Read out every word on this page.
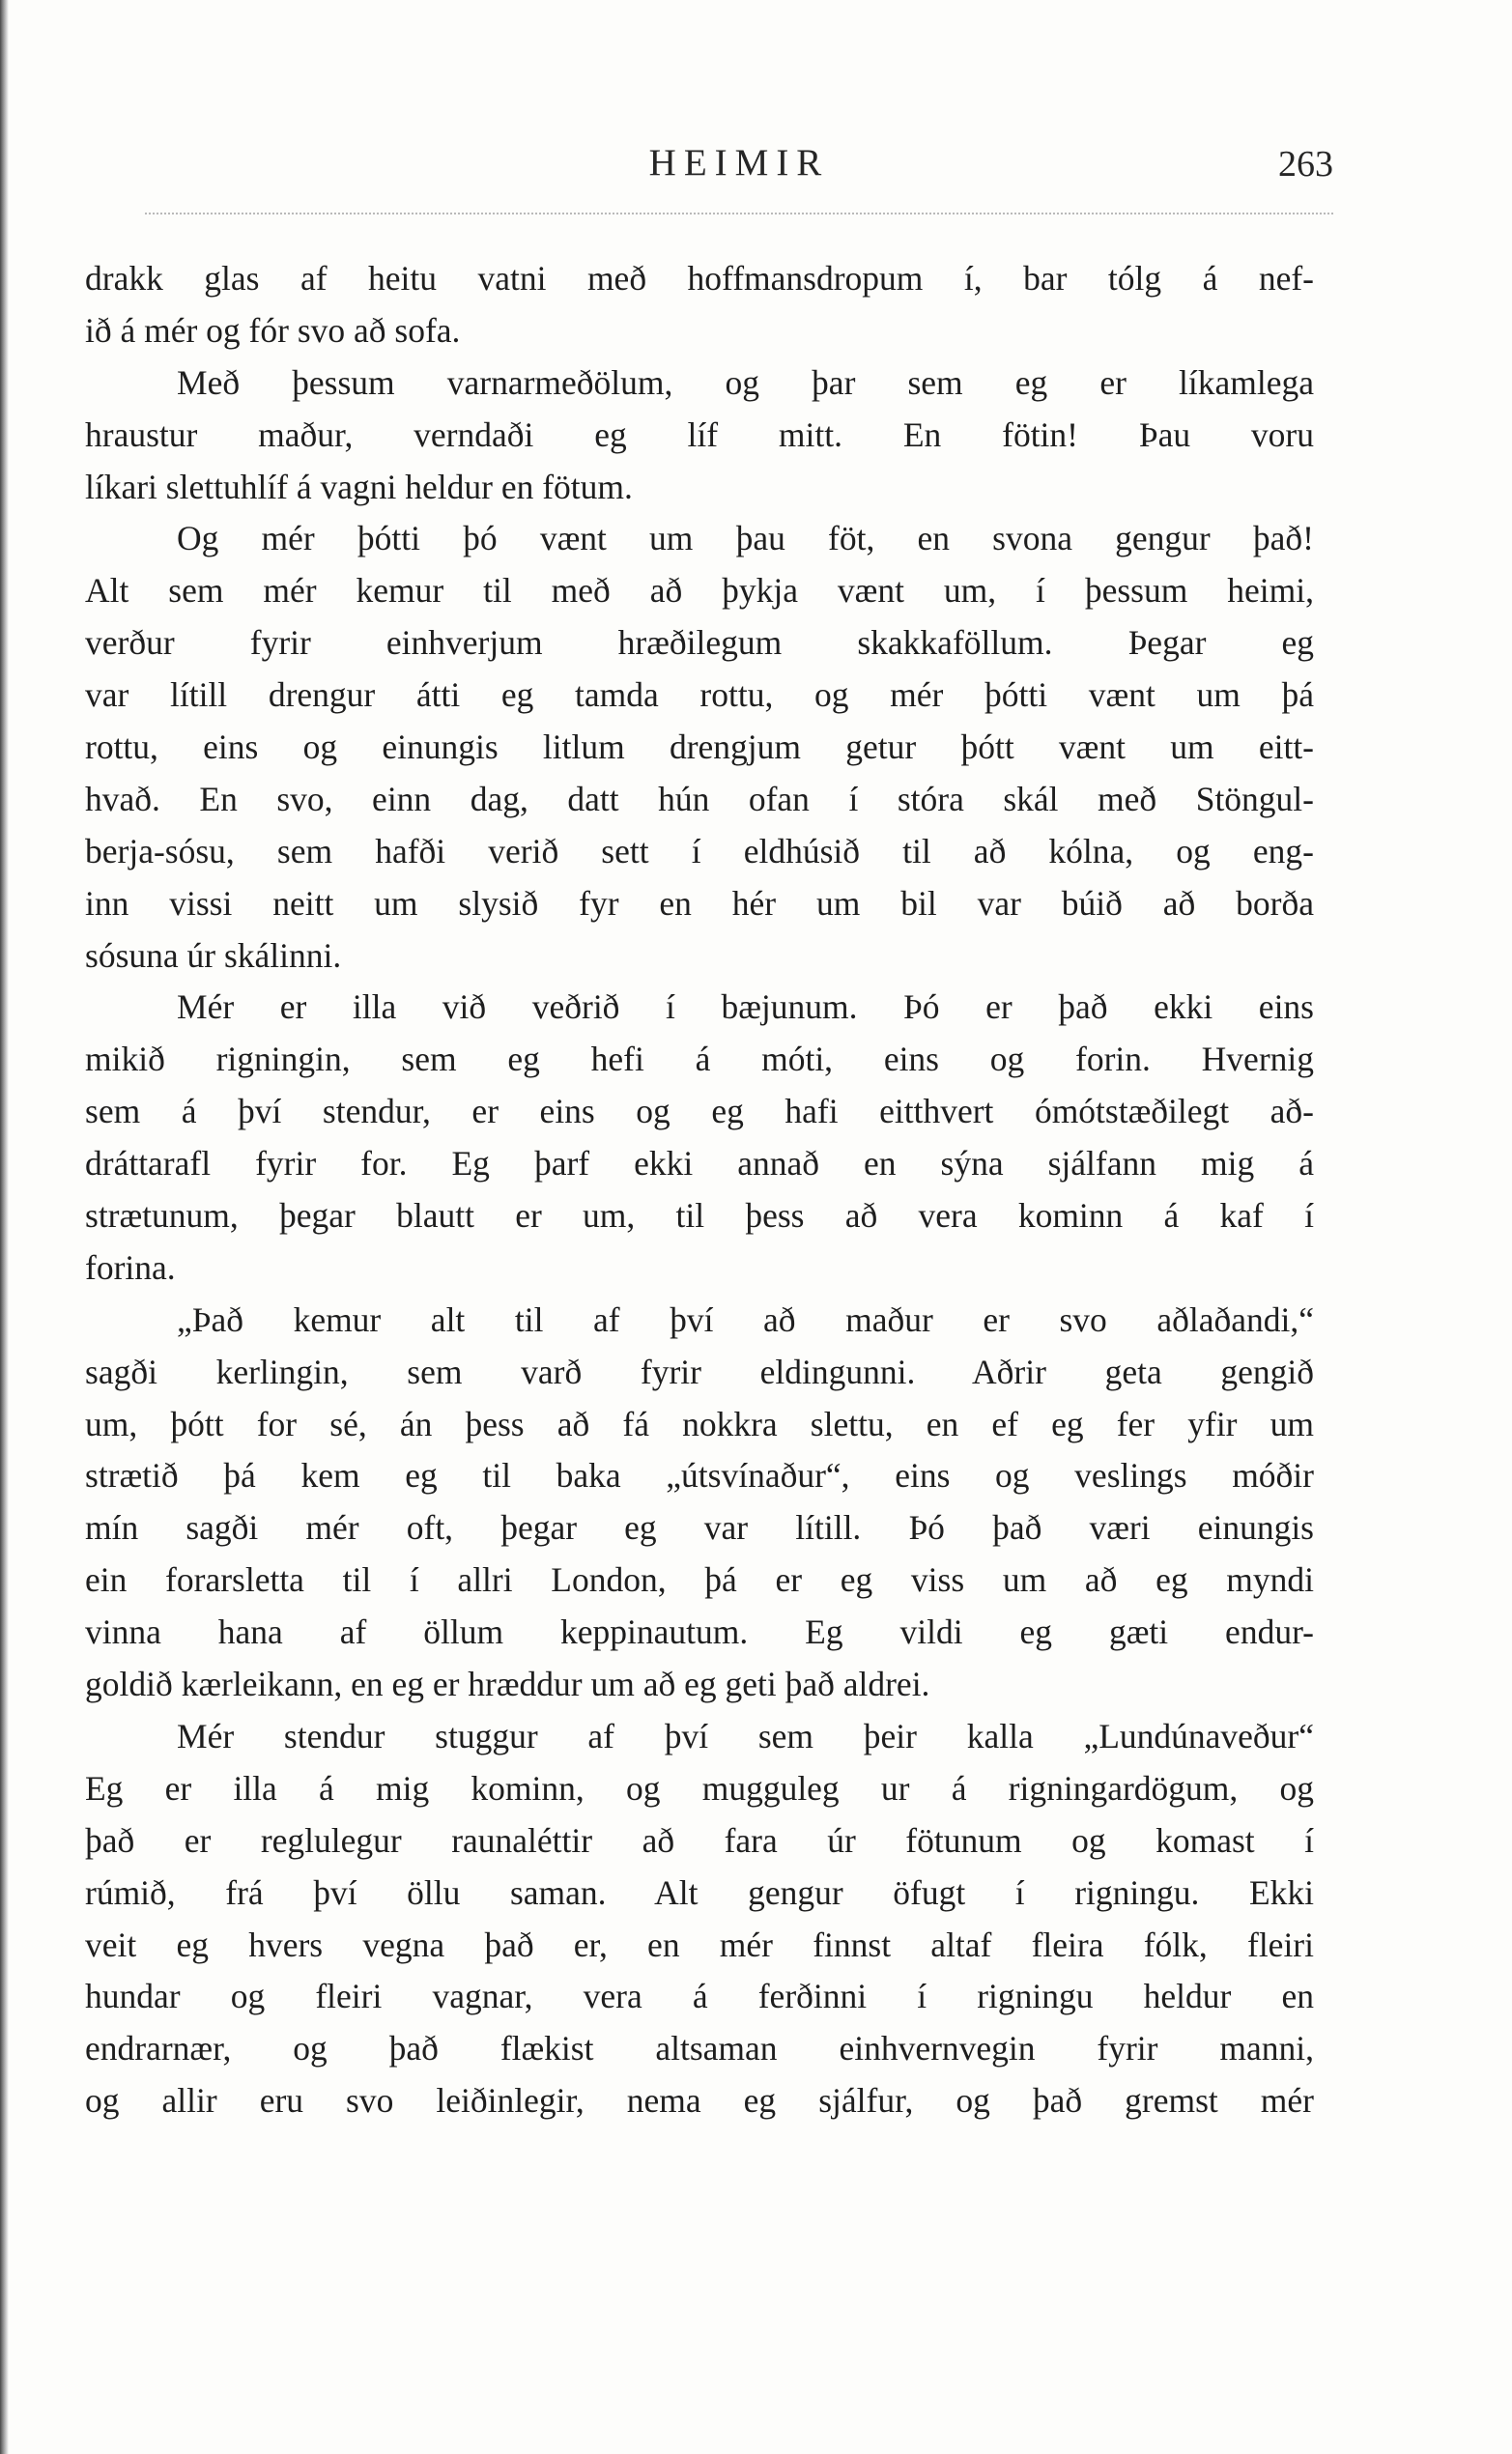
HEIMIR	263
drakk glas af heitu vatni með hoffmansdropum í, bar tólg á nef-
ið á mér og fór svo að sofa.
Með þessum varnarmeðölum, og þar sem eg er líkamlega
hraustur maður, verndaði eg líf mitt. En fötin! Þau voru
líkari slettuhlíf á vagni heldur en fötum.
Og mér þótti þó vænt um þau föt, en svona gengur það!
Alt sem mér kemur til með að þykja vænt um, í þessum heimi,
verður fyrir einhverjum hræðilegum skakkaföllum. Þegar eg
var lítill drengur átti eg tamda rottu, og mér þótti vænt um þá
rottu, eins og einungis litlum drengjum getur þótt vænt um eitt-
hvað. En svo, einn dag, datt hún ofan í stóra skál með Stöngul-
berja-sósu, sem hafði verið sett í eldhúsið til að kólna, og eng-
inn vissi neitt um slysið fyr en hér um bil var búið að borða
sósuna úr skálinni.
Mér er illa við veðrið í bæjunum. Þó er það ekki eins
mikið rigningin, sem eg hefi á móti, eins og forin. Hvernig
sem á því stendur, er eins og eg hafi eitthvert ómótstæðilegt að-
dráttarafl fyrir for. Eg þarf ekki annað en sýna sjálfann mig á
strætunum, þegar blautt er um, til þess að vera kominn á kaf í
forina.
„Það kemur alt til af því að maður er svo aðlaðandi,“
sagði kerlingin, sem varð fyrir eldingunni. Aðrir geta gengið
um, þótt for sé, án þess að fá nokkra slettu, en ef eg fer yfir um
strætið þá kem eg til baka „útsvínaður“, eins og veslings móðir
mín sagði mér oft, þegar eg var lítill. Þó það væri einungis
ein forarsletta til í allri London, þá er eg viss um að eg myndi
vinna hana af öllum keppinautum. Eg vildi eg gæti endur-
goldið kærleikann, en eg er hræddur um að eg geti það aldrei.
Mér stendur stuggur af því sem þeir kalla „Lundúnaveður“
Eg er illa á mig kominn, og mugguleg ur á rigningardögum, og
það er reglulegur raunaléttir að fara úr fötunum og komast í
rúmið, frá því öllu saman. Alt gengur öfugt í rigningu. Ekki
veit eg hvers vegna það er, en mér finnst altaf fleira fólk, fleiri
hundar og fleiri vagnar, vera á ferðinni í rigningu heldur en
endrarnær, og það flækist altsaman einhvernvegin fyrir manni,
og allir eru svo leiðinlegir, nema eg sjálfur, og það gremst mér
